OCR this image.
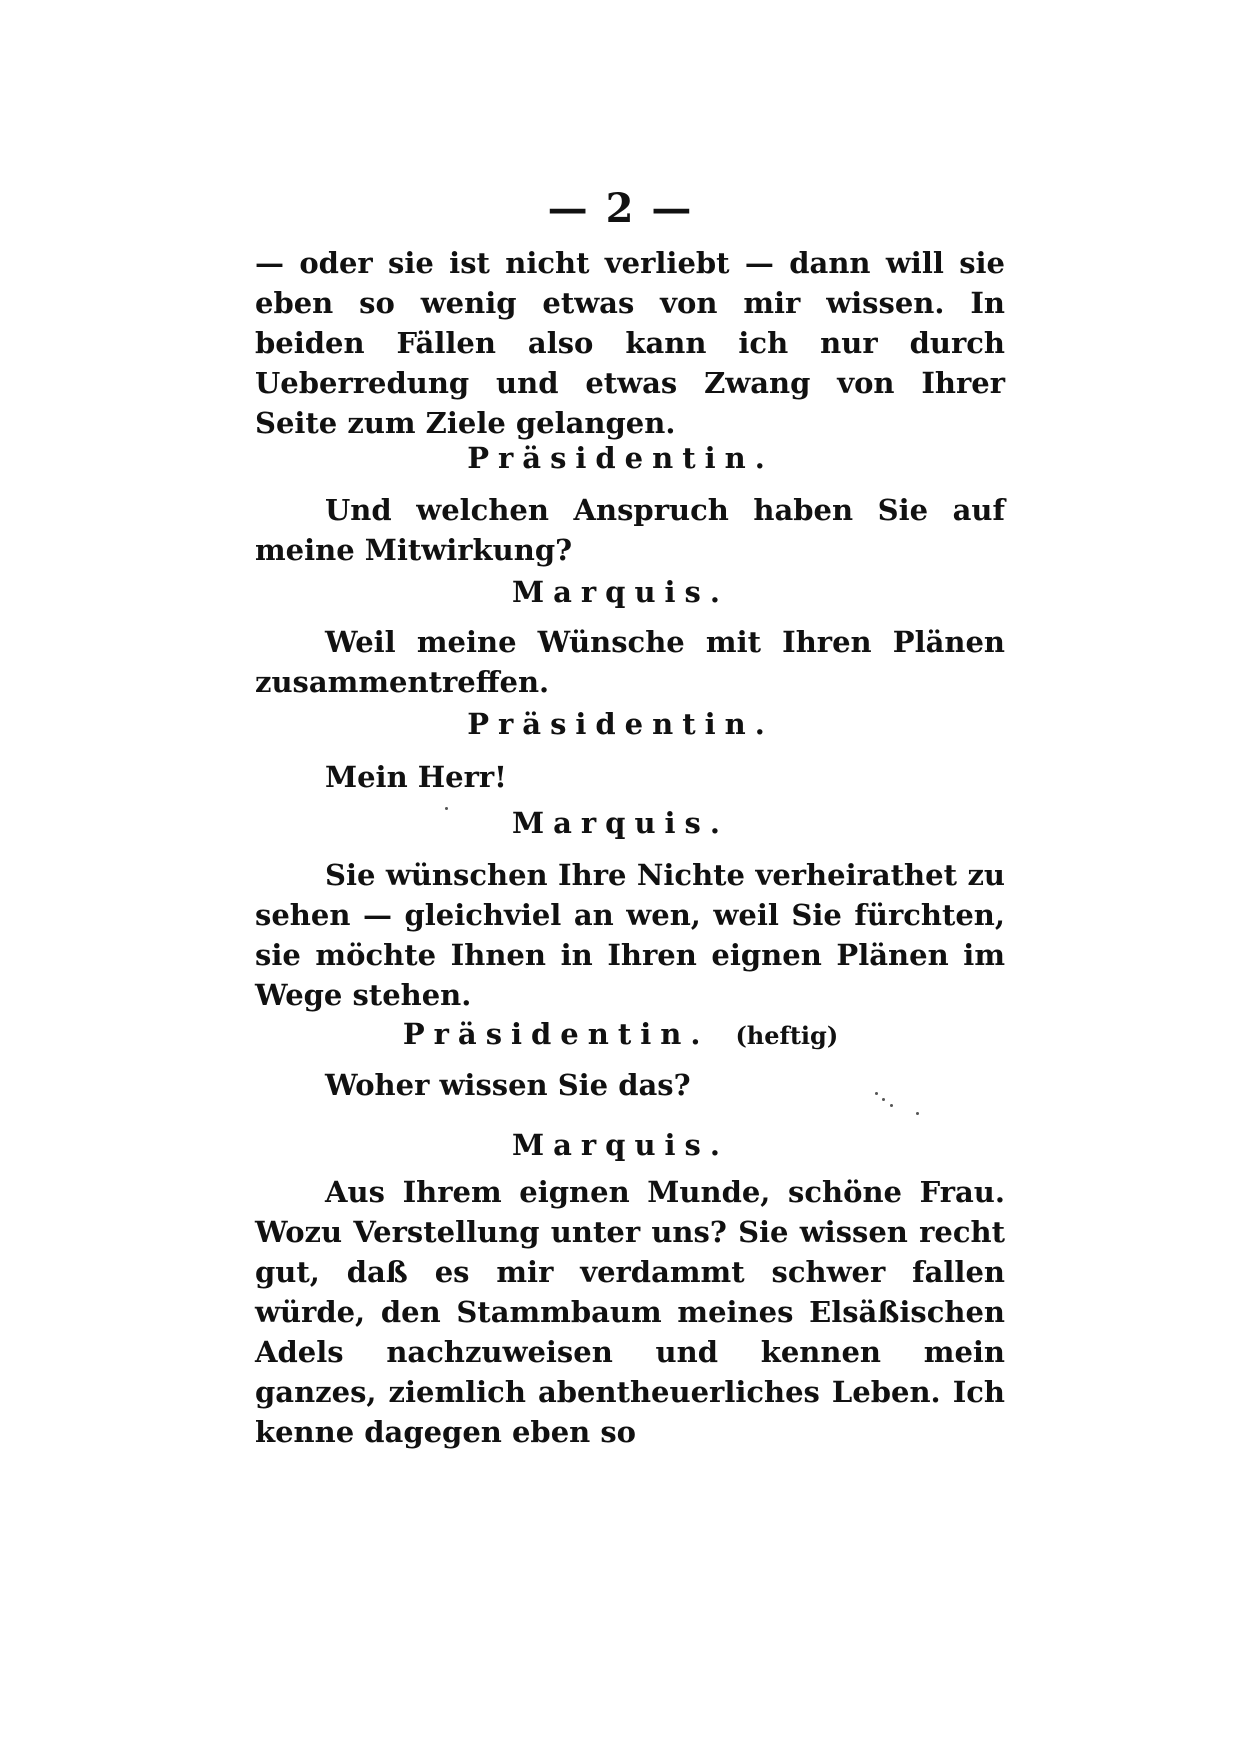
— 2 —
— oder sie ist nicht verliebt — dann will sie eben so wenig etwas von mir wissen. In beiden Fällen also kann ich nur durch Ueberredung und etwas Zwang von Ihrer Seite zum Ziele gelangen.
Präsidentin.
Und welchen Anspruch haben Sie auf meine Mitwirkung?
Marquis.
Weil meine Wünsche mit Ihren Plänen zusammentreffen.
Präsidentin.
Mein Herr!
Marquis.
Sie wünschen Ihre Nichte verheirathet zu sehen — gleichviel an wen, weil Sie fürchten, sie möchte Ihnen in Ihren eignen Plänen im Wege stehen.
Präsidentin. (heftig)
Woher wissen Sie das?
Marquis.
Aus Ihrem eignen Munde, schöne Frau. Wozu Verstellung unter uns? Sie wissen recht gut, daß es mir verdammt schwer fallen würde, den Stammbaum meines Elsäßischen Adels nachzuweisen und kennen mein ganzes, ziemlich abentheuerliches Leben. Ich kenne dagegen eben so
